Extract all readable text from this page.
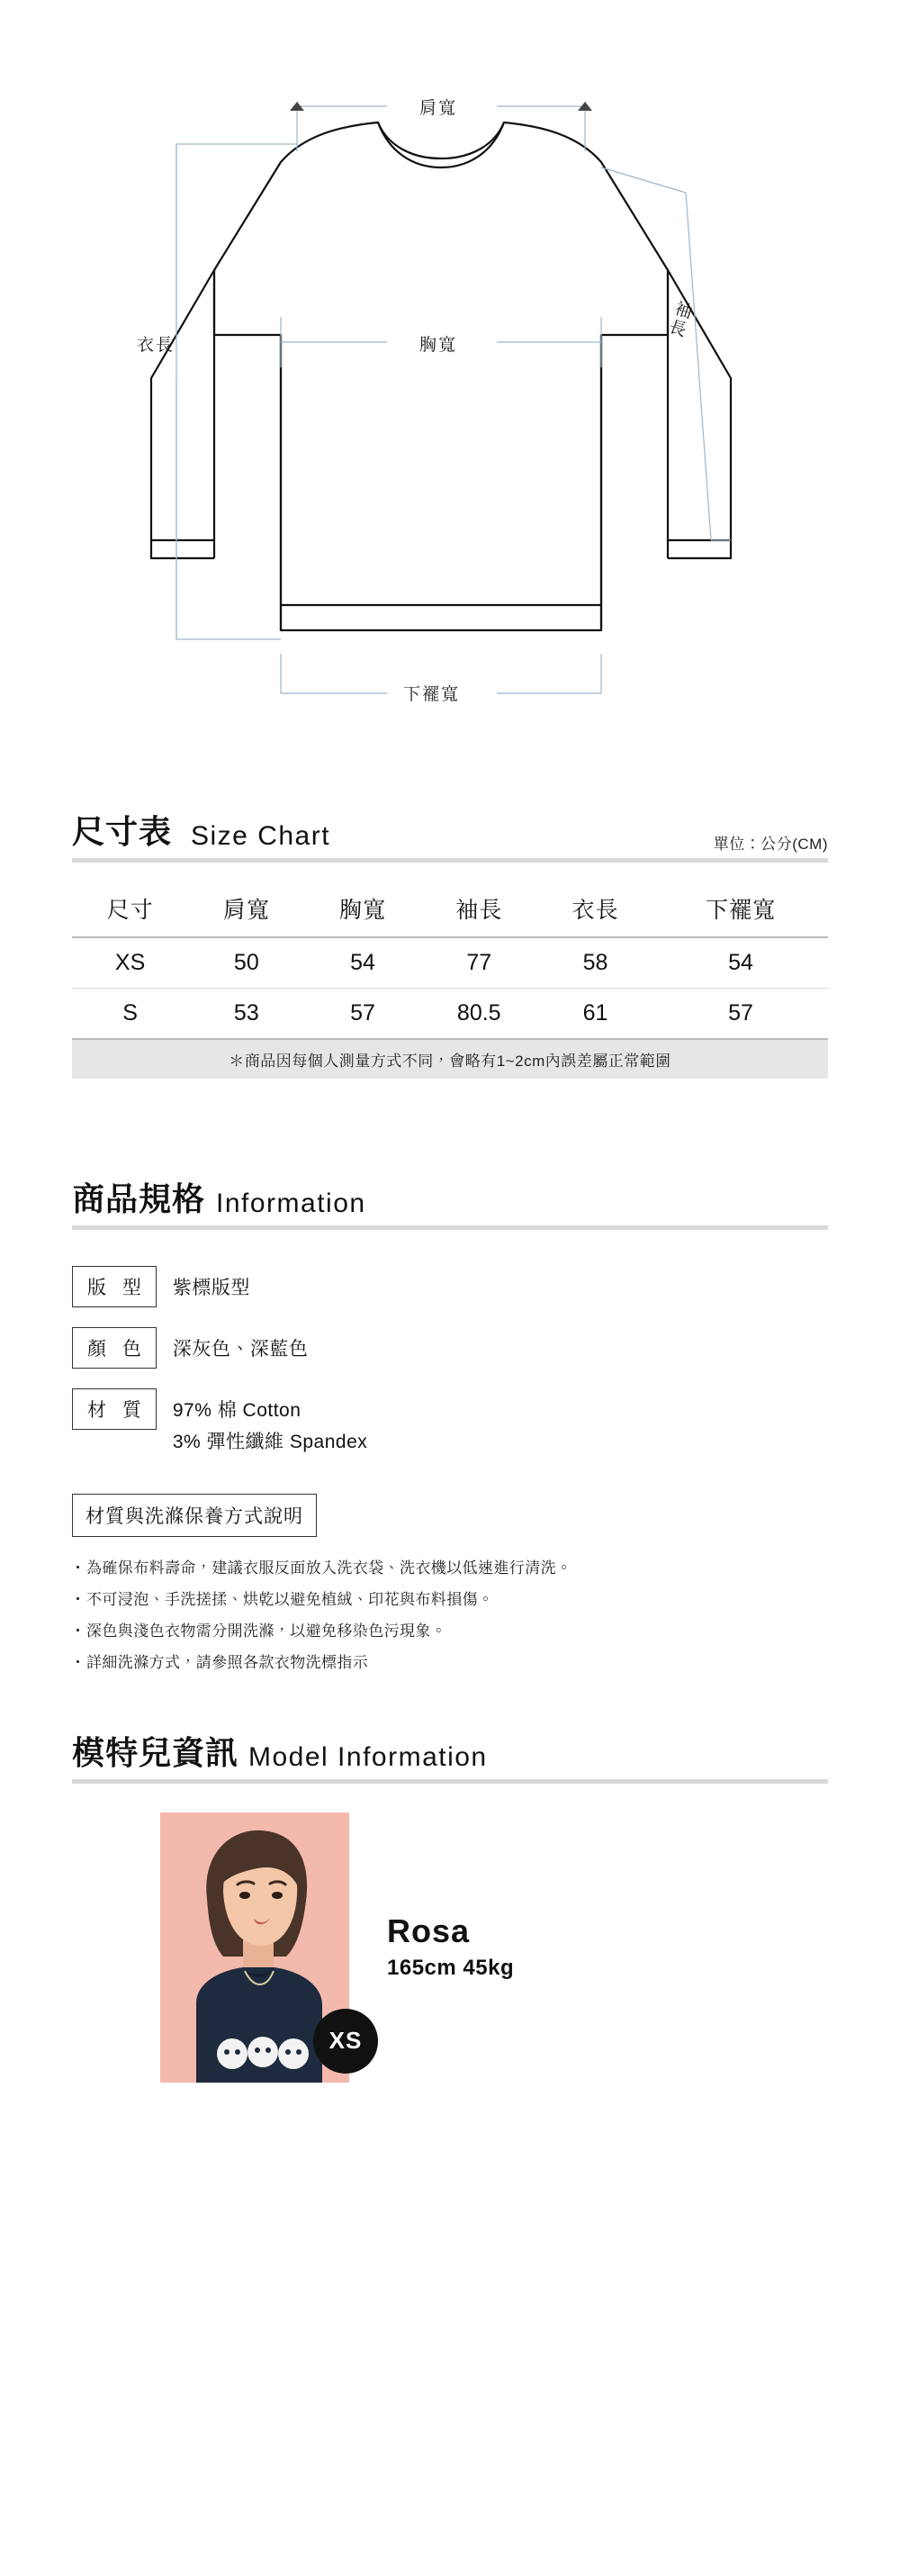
肩寬
衣長	胸寬
袖長
下襬寬
尺寸表 Size Chart	單位：公分(CM)
尺寸	肩寬	胸寬	袖長	衣長	下襬寬
XS	50	54	77	58	54
S	53	57	80.5	61	57
＊商品因每個人測量方式不同，會略有1~2cm內誤差屬正常範圍
商品規格 Information
版 型	紫標版型
顏 色	深灰色、深藍色
材 質	97% 棉 Cotton
3% 彈性纖維 Spandex
材質與洗滌保養方式說明
・ 為確保布料壽命，建議衣服反面放入洗衣袋、洗衣機以低速進行清洗。
・ 不可浸泡、手洗搓揉、烘乾以避免植絨、印花與布料損傷。
・ 深色與淺色衣物需分開洗滌，以避免移染色污現象。
・ 詳細洗滌方式，請參照各款衣物洗標指示
模特兒資訊 Model Information
XS
Rosa
165cm 45kg
